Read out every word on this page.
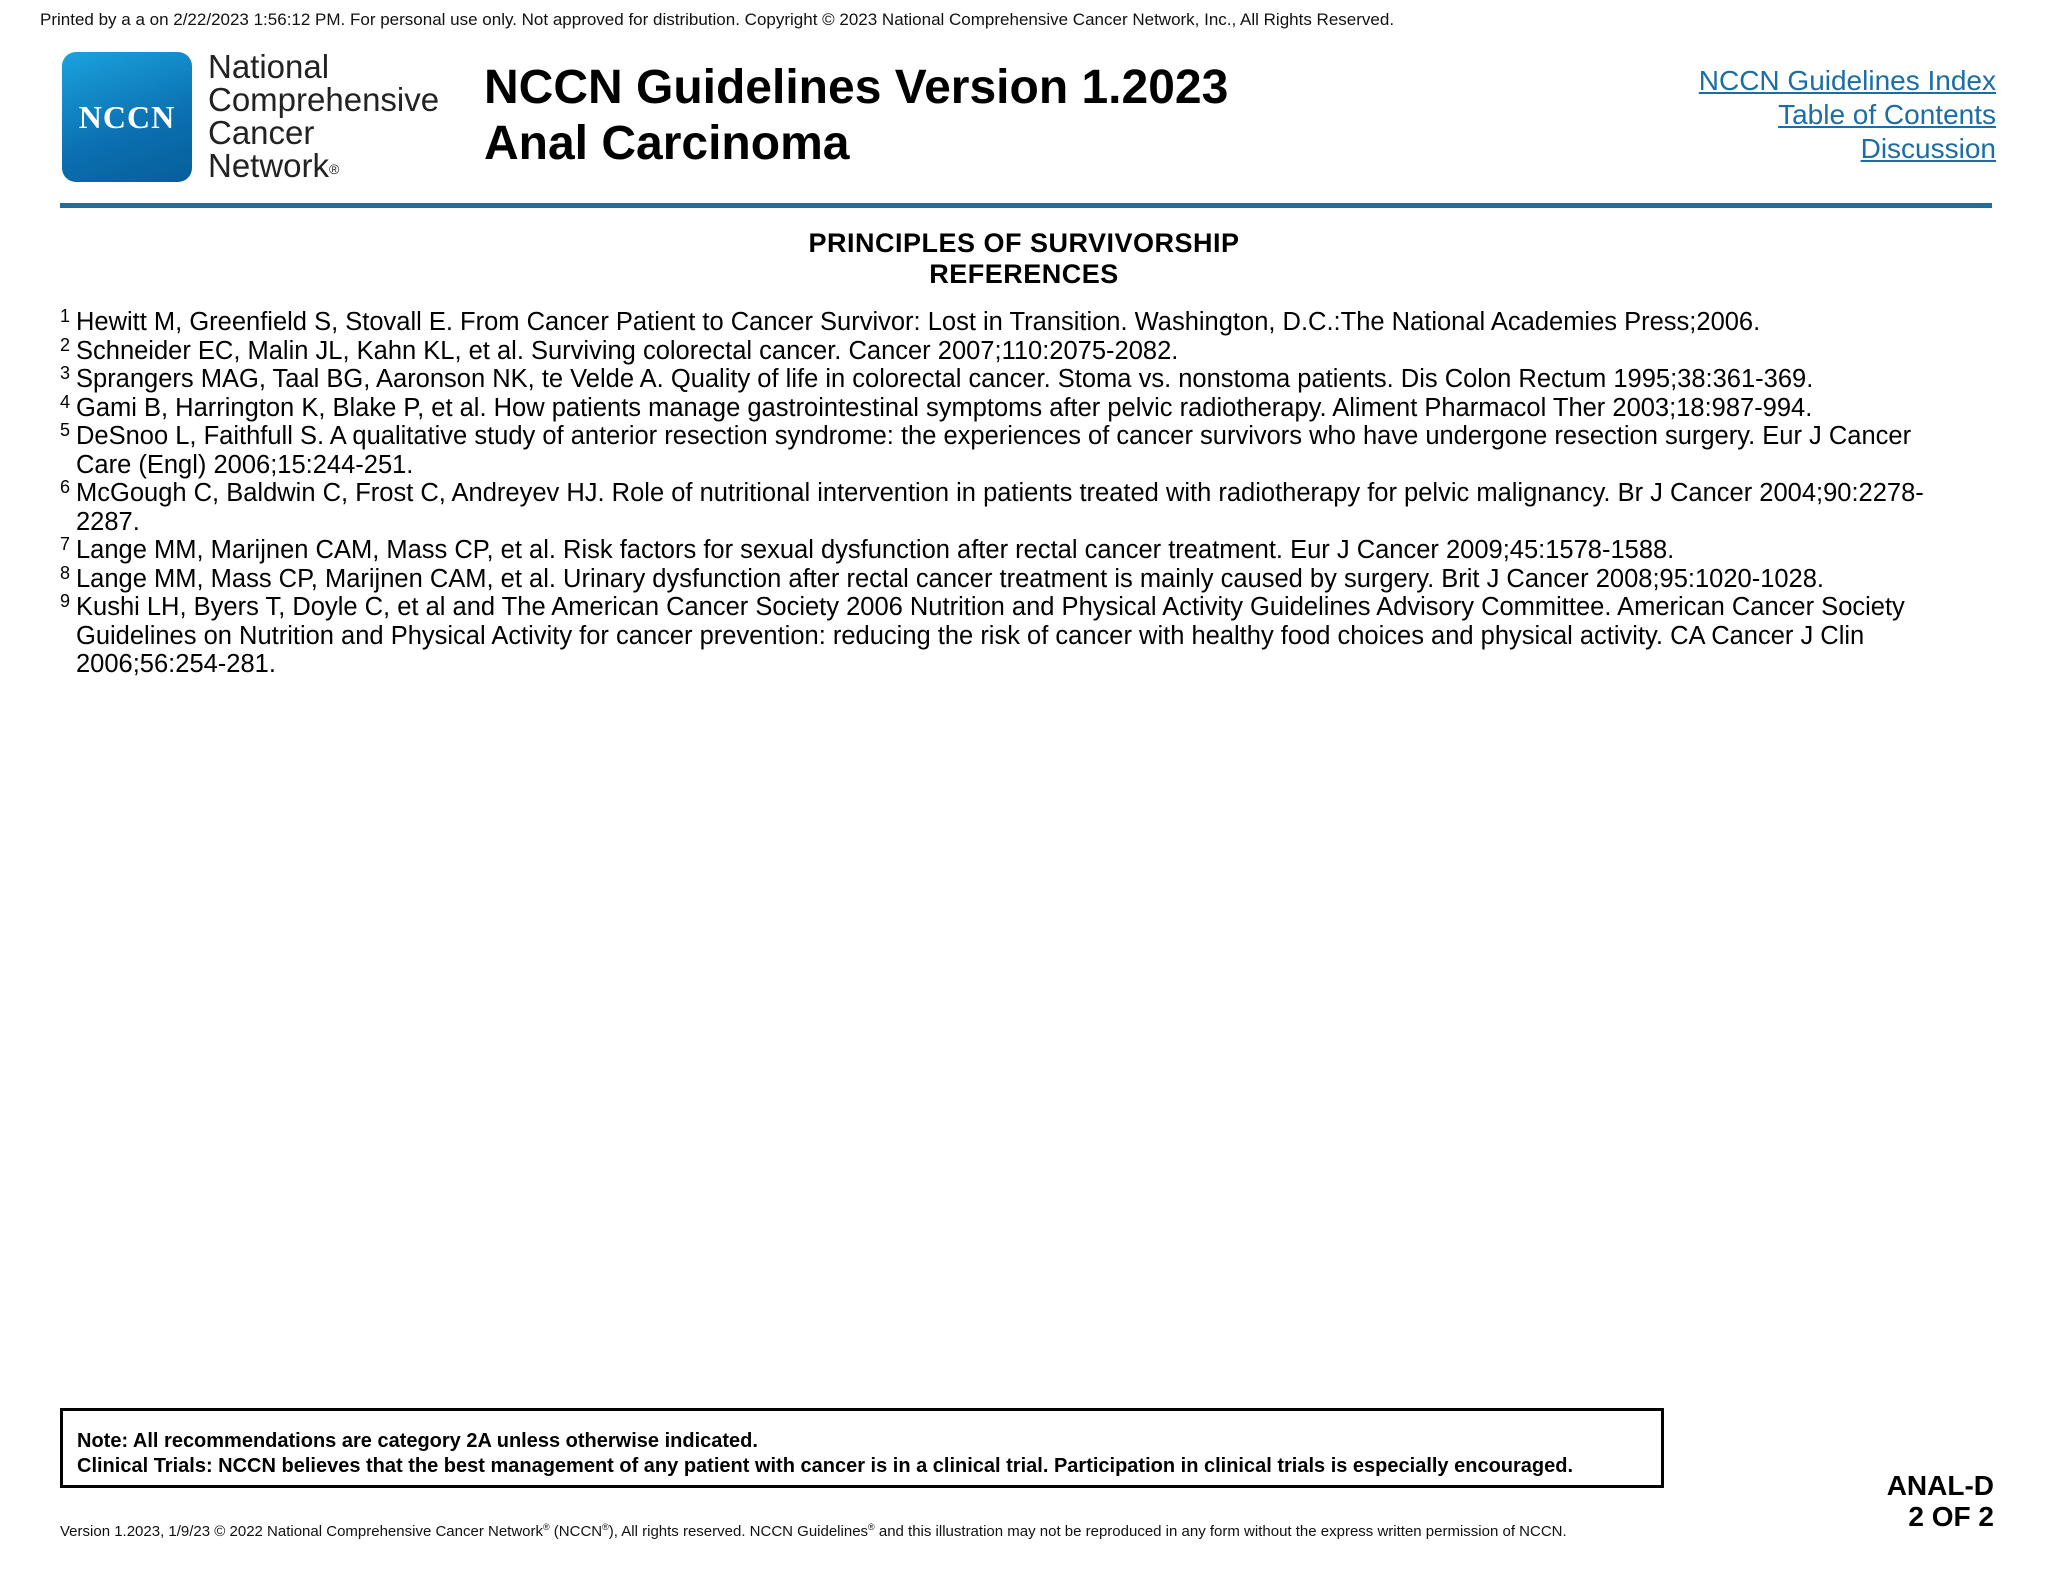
Printed by a a on 2/22/2023 1:56:12 PM. For personal use only. Not approved for distribution. Copyright © 2023 National Comprehensive Cancer Network, Inc., All Rights Reserved.
NCCN
National
Comprehensive
Cancer
Network®
NCCN Guidelines Version 1.2023
Anal Carcinoma
NCCN Guidelines Index
Table of Contents
Discussion
PRINCIPLES OF SURVIVORSHIP
REFERENCES
1 Hewitt M, Greenfield S, Stovall E. From Cancer Patient to Cancer Survivor: Lost in Transition. Washington, D.C.:The National Academies Press;2006.
2 Schneider EC, Malin JL, Kahn KL, et al. Surviving colorectal cancer. Cancer 2007;110:2075-2082.
3 Sprangers MAG, Taal BG, Aaronson NK, te Velde A. Quality of life in colorectal cancer. Stoma vs. nonstoma patients. Dis Colon Rectum 1995;38:361-369.
4 Gami B, Harrington K, Blake P, et al. How patients manage gastrointestinal symptoms after pelvic radiotherapy. Aliment Pharmacol Ther 2003;18:987-994.
5 DeSnoo L, Faithfull S. A qualitative study of anterior resection syndrome: the experiences of cancer survivors who have undergone resection surgery. Eur J Cancer Care (Engl) 2006;15:244-251.
6 McGough C, Baldwin C, Frost C, Andreyev HJ. Role of nutritional intervention in patients treated with radiotherapy for pelvic malignancy. Br J Cancer 2004;90:2278-2287.
7 Lange MM, Marijnen CAM, Mass CP, et al. Risk factors for sexual dysfunction after rectal cancer treatment. Eur J Cancer 2009;45:1578-1588.
8 Lange MM, Mass CP, Marijnen CAM, et al. Urinary dysfunction after rectal cancer treatment is mainly caused by surgery. Brit J Cancer 2008;95:1020-1028.
9 Kushi LH, Byers T, Doyle C, et al and The American Cancer Society 2006 Nutrition and Physical Activity Guidelines Advisory Committee. American Cancer Society Guidelines on Nutrition and Physical Activity for cancer prevention: reducing the risk of cancer with healthy food choices and physical activity. CA Cancer J Clin 2006;56:254-281.
Note: All recommendations are category 2A unless otherwise indicated.
Clinical Trials: NCCN believes that the best management of any patient with cancer is in a clinical trial. Participation in clinical trials is especially encouraged.
ANAL-D
2 OF 2
Version 1.2023, 1/9/23 © 2022 National Comprehensive Cancer Network® (NCCN®), All rights reserved. NCCN Guidelines® and this illustration may not be reproduced in any form without the express written permission of NCCN.
